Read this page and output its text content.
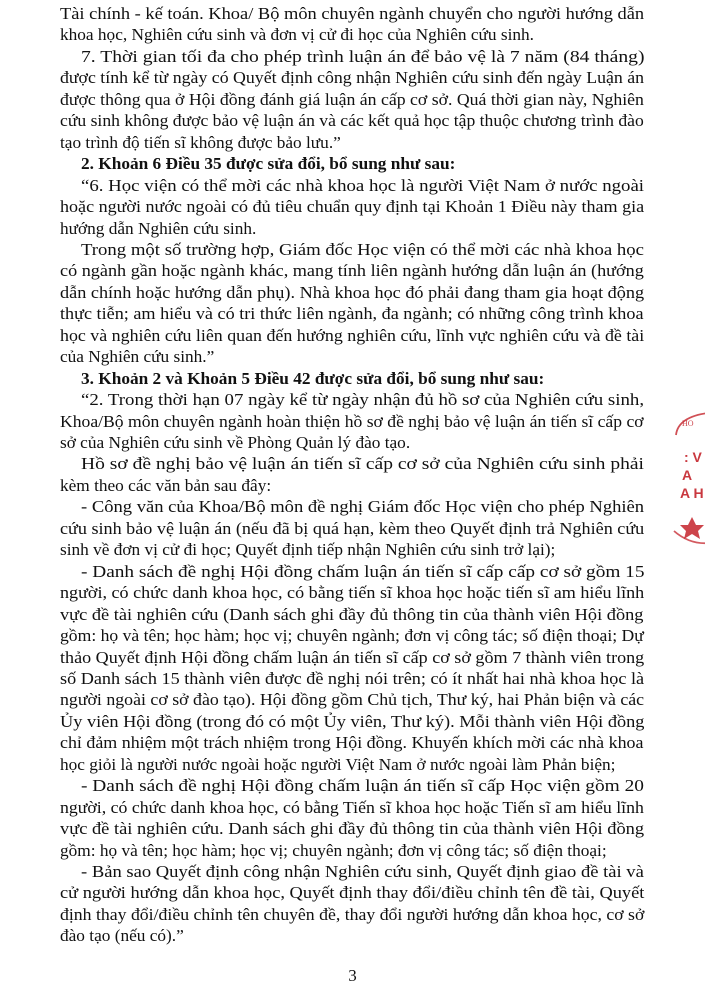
Tài chính - kế toán. Khoa/ Bộ môn chuyên ngành chuyển cho người hướng dẫn

khoa học, Nghiên cứu sinh và đơn vị cử đi học của Nghiên cứu sinh.

7. Thời gian tối đa cho phép trình luận án để bảo vệ là 7 năm (84 tháng)

được tính kể từ ngày có Quyết định công nhận Nghiên cứu sinh đến ngày Luận án

được thông qua ở Hội đồng đánh giá luận án cấp cơ sở. Quá thời gian này, Nghiên

cứu sinh không được bảo vệ luận án và các kết quả học tập thuộc chương trình đào

tạo trình độ tiến sĩ không được bảo lưu.”

2. Khoản 6 Điều 35 được sửa đổi, bổ sung như sau:

“6. Học viện có thể mời các nhà khoa học là người Việt Nam ở nước ngoài

hoặc người nước ngoài có đủ tiêu chuẩn quy định tại Khoản 1 Điều này tham gia

hướng dẫn Nghiên cứu sinh.

Trong một số trường hợp, Giám đốc Học viện có thể mời các nhà khoa học

có ngành gần hoặc ngành khác, mang tính liên ngành hướng dẫn luận án (hướng

dẫn chính hoặc hướng dẫn phụ). Nhà khoa học đó phải đang tham gia hoạt động

thực tiễn; am hiểu và có tri thức liên ngành, đa ngành; có những công trình khoa

học và nghiên cứu liên quan đến hướng nghiên cứu, lĩnh vực nghiên cứu và đề tài

của Nghiên cứu sinh.”

3. Khoản 2 và Khoản 5 Điều 42 được sửa đổi, bổ sung như sau:

“2. Trong thời hạn 07 ngày kể từ ngày nhận đủ hồ sơ của Nghiên cứu sinh,

Khoa/Bộ môn chuyên ngành hoàn thiện hồ sơ đề nghị bảo vệ luận án tiến sĩ cấp cơ

sở của Nghiên cứu sinh về Phòng Quản lý đào tạo.

Hồ sơ đề nghị bảo vệ luận án tiến sĩ cấp cơ sở của Nghiên cứu sinh phải

kèm theo các văn bản sau đây:

- Công văn của Khoa/Bộ môn đề nghị Giám đốc Học viện cho phép Nghiên

cứu sinh bảo vệ luận án (nếu đã bị quá hạn, kèm theo Quyết định trả Nghiên cứu

sinh về đơn vị cử đi học; Quyết định tiếp nhận Nghiên cứu sinh trở lại);

- Danh sách đề nghị Hội đồng chấm luận án tiến sĩ cấp cấp cơ sở gồm 15

người, có chức danh khoa học, có bằng tiến sĩ khoa học hoặc tiến sĩ am hiểu lĩnh

vực đề tài nghiên cứu (Danh sách ghi đầy đủ thông tin của thành viên Hội đồng

gồm: họ và tên; học hàm; học vị; chuyên ngành; đơn vị công tác; số điện thoại; Dự

thảo Quyết định Hội đồng chấm luận án tiến sĩ cấp cơ sở gồm 7 thành viên trong

số Danh sách 15 thành viên được đề nghị nói trên; có ít nhất hai nhà khoa học là

người ngoài cơ sở đào tạo). Hội đồng gồm Chủ tịch, Thư ký, hai Phản biện và các

Ủy viên Hội đồng (trong đó có một Ủy viên, Thư ký). Mỗi thành viên Hội đồng

chỉ đảm nhiệm một trách nhiệm trong Hội đồng. Khuyến khích mời các nhà khoa

học giỏi là người nước ngoài hoặc người Việt Nam ở nước ngoài làm Phản biện;

- Danh sách đề nghị Hội đồng chấm luận án tiến sĩ cấp Học viện gồm 20

người, có chức danh khoa học, có bằng Tiến sĩ khoa học hoặc Tiến sĩ am hiểu lĩnh

vực đề tài nghiên cứu. Danh sách ghi đầy đủ thông tin của thành viên Hội đồng

gồm: họ và tên; học hàm; học vị; chuyên ngành; đơn vị công tác; số điện thoại;

- Bản sao Quyết định công nhận Nghiên cứu sinh, Quyết định giao đề tài và

cử người hướng dẫn khoa học, Quyết định thay đổi/điều chỉnh tên đề tài, Quyết

định thay đổi/điều chỉnh tên chuyên đề, thay đổi người hướng dẫn khoa học, cơ sở

đào tạo (nếu có).”

3
HO
: V
A
A H
